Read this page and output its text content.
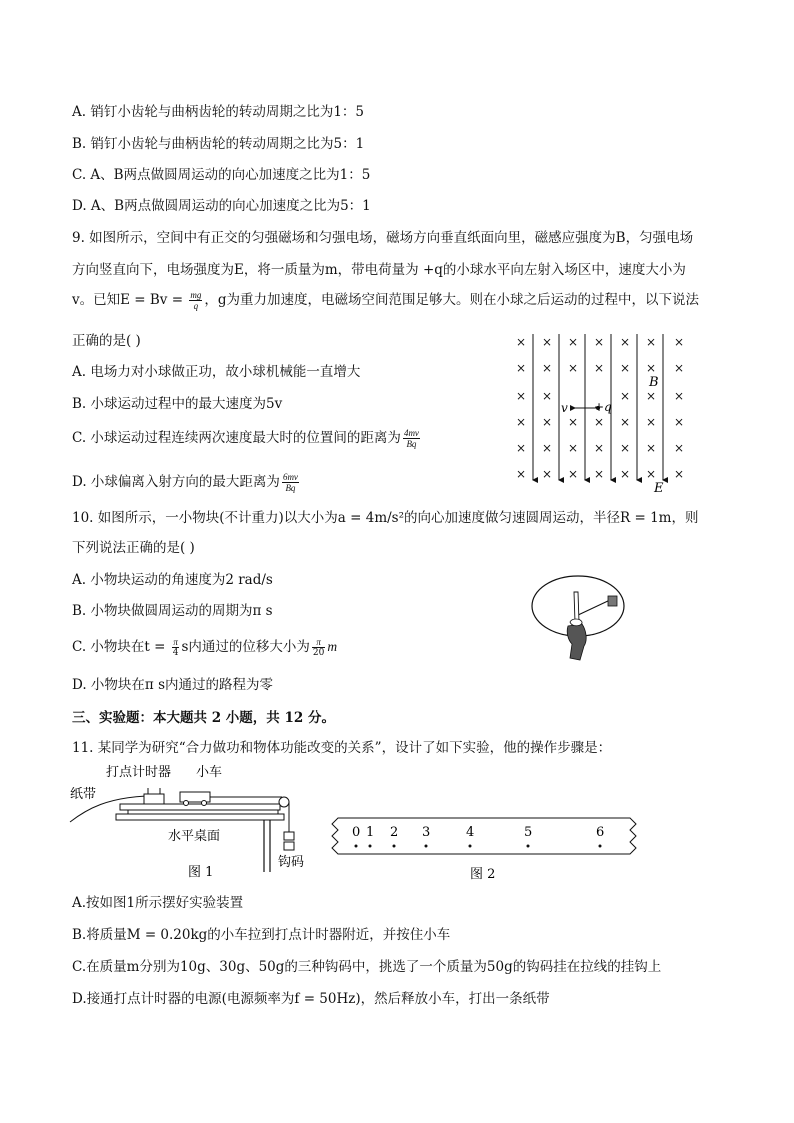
A. 销钉小齿轮与曲柄齿轮的转动周期之比为1：5
B. 销钉小齿轮与曲柄齿轮的转动周期之比为5：1
C. A、B两点做圆周运动的向心加速度之比为1：5
D. A、B两点做圆周运动的向心加速度之比为5：1
9. 如图所示，空间中有正交的匀强磁场和匀强电场，磁场方向垂直纸面向里，磁感应强度为B，匀强电场
方向竖直向下，电场强度为E，将一质量为m，带电荷量为 +q的小球水平向左射入场区中，速度大小为
v。已知$E = Bv = \frac{mg}{q}$ ，g为重力加速度，电磁场空间范围足够大。则在小球之后运动的过程中，以下说法
正确的是( )
A. 电场力对小球做正功，故小球机械能一直增大
B. 小球运动过程中的最大速度为5v
C. 小球运动过程连续两次速度最大时的位置间的距离为 $\frac{4mv}{Bq}$
D. 小球偏离入射方向的最大距离为 $\frac{6mv}{Bq}$
× × × × × × ×
× × × × × × ×
× ×	× × ×
× × × × × × ×
× × × × × × ×
× × × × × × ×
v +q
B
E
10. 如图所示，一小物块(不计重力)以大小为a = 4m/s²的向心加速度做匀速圆周运动，半径R = 1m，则
下列说法正确的是( )
A. 小物块运动的角速度为2 rad/s
B. 小物块做圆周运动的周期为π s
C. 小物块在$t = \frac{\pi}{4}$ s内通过的位移大小为 $\frac{\pi}{20}$ m
D. 小物块在π s内通过的路程为零
三、实验题：本大题共 2 小题，共 12 分。
11. 某同学为研究“合力做功和物体功能改变的关系”，设计了如下实验，他的操作步骤是：
打点计时器 小车
纸带
水平桌面
钩码
图 1
0 1 2 3	4	5	6
图 2
A.按如图1所示摆好实验装置
B.将质量M = 0.20kg的小车拉到打点计时器附近，并按住小车
C.在质量m分别为10g、30g、50g的三种钩码中，挑选了一个质量为50g的钩码挂在拉线的挂钩上
D.接通打点计时器的电源(电源频率为f = 50Hz)，然后释放小车，打出一条纸带
